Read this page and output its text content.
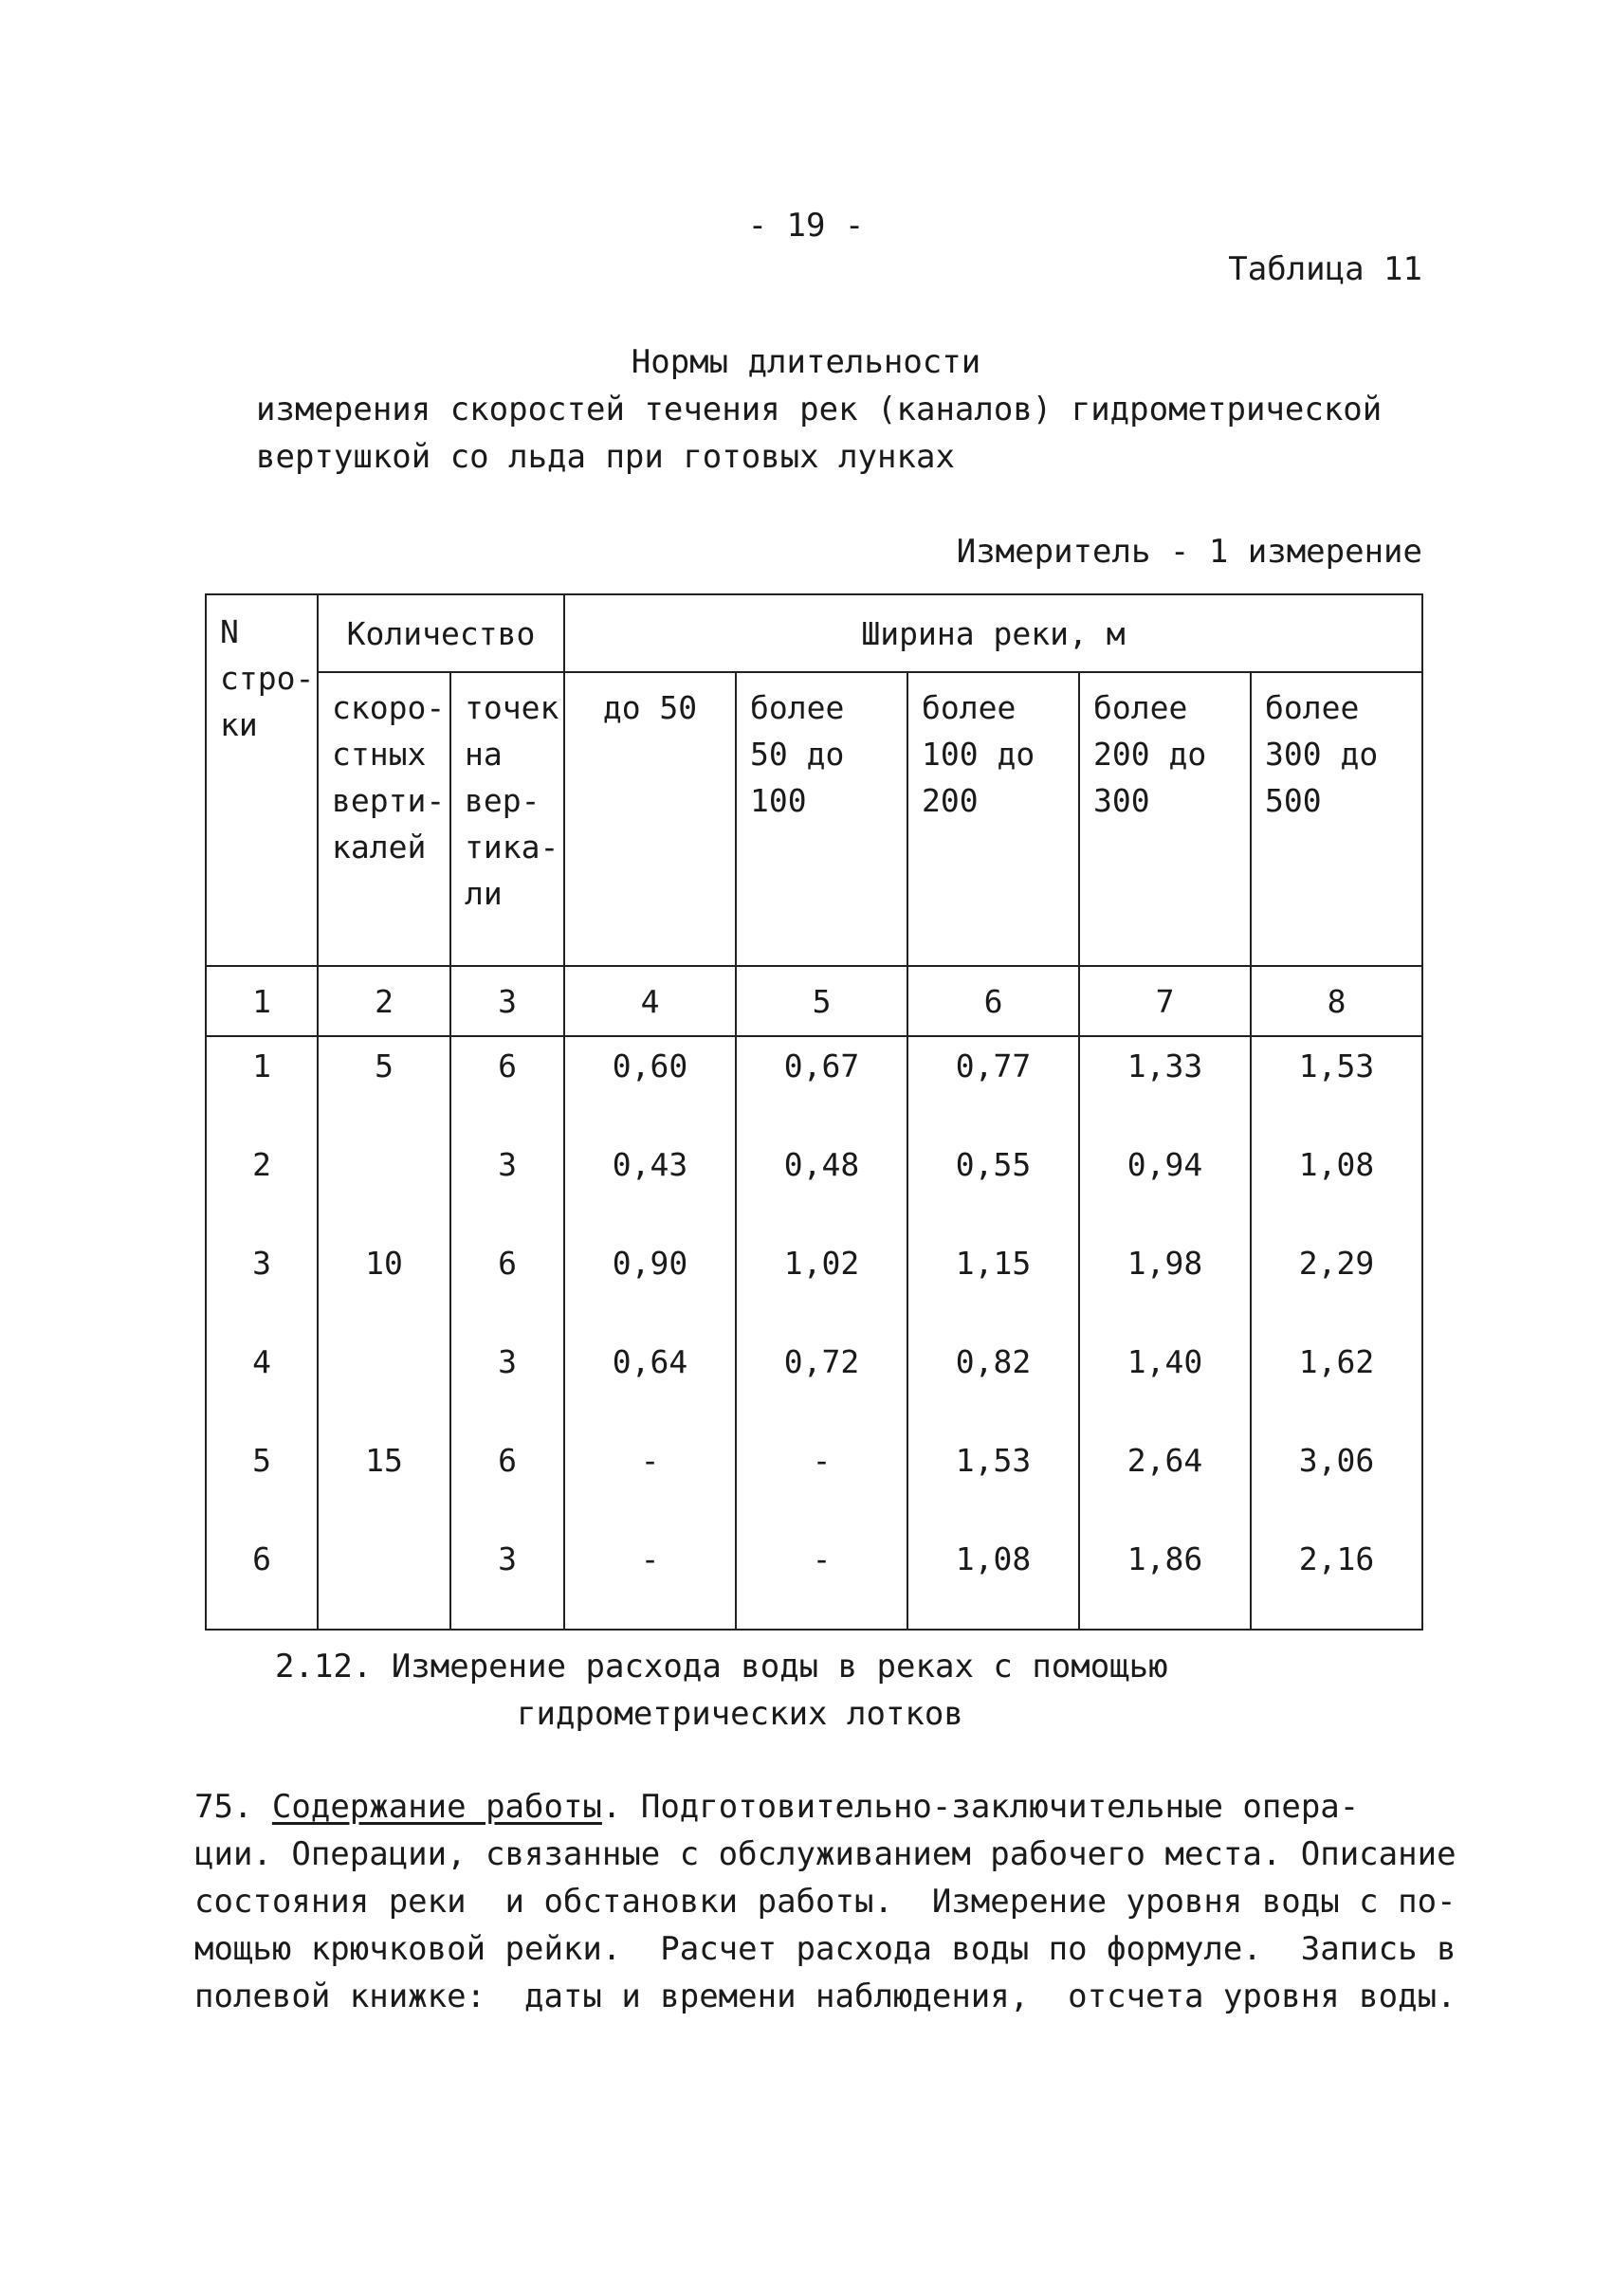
- 19 -
Таблица 11
Нормы длительности
измерения скоростей течения рек (каналов) гидрометрической
вертушкой со льда при готовых лунках
Измеритель - 1 измерение
N стро- ки	Количество		Ширина реки, м				

	скоро- стных верти- калей	точек на вер- тика- ли	до 50	более 50 до 100	более 100 до 200	более 200 до 300	более 300 до 500

1	2	3	4	5	6	7	8
1	5	6	0,60	0,67	0,77	1,33	1,53
2		3	0,43	0,48	0,55	0,94	1,08
3	10	6	0,90	1,02	1,15	1,98	2,29
4		3	0,64	0,72	0,82	1,40	1,62
5	15	6	-	-	1,53	2,64	3,06
6		3	-	-	1,08	1,86	2,16
2.12. Измерение расхода воды в реках с помощью
гидрометрических лотков
75. Содержание работы. Подготовительно-заключительные опера-
ции. Операции, связанные с обслуживанием рабочего места. Описание
состояния реки  и обстановки работы.  Измерение уровня воды с по-
мощью крючковой рейки.  Расчет расхода воды по формуле.  Запись в
полевой книжке:  даты и времени наблюдения,  отсчета уровня воды.
